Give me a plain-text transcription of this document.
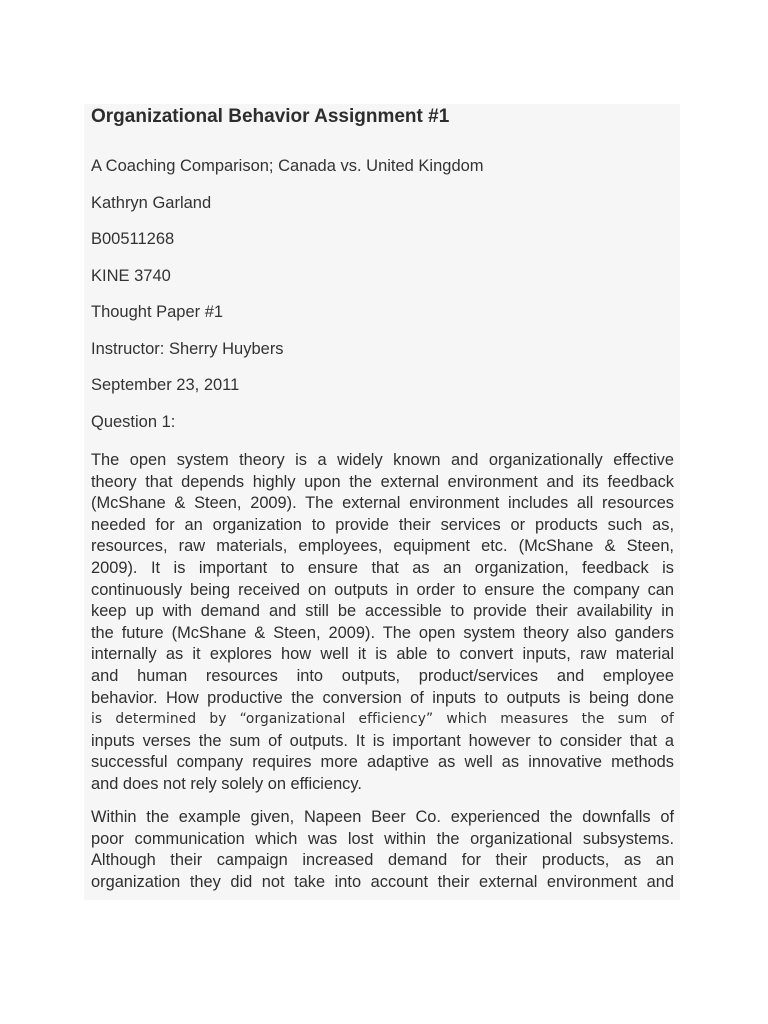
Organizational Behavior Assignment #1
A Coaching Comparison; Canada vs. United Kingdom
Kathryn Garland
B00511268
KINE 3740
Thought Paper #1
Instructor: Sherry Huybers
September 23, 2011
Question 1:
The open system theory is a widely known and organizationally effective
theory that depends highly upon the external environment and its feedback
(McShane & Steen, 2009). The external environment includes all resources
needed for an organization to provide their services or products such as,
resources, raw materials, employees, equipment etc. (McShane & Steen,
2009). It is important to ensure that as an organization, feedback is
continuously being received on outputs in order to ensure the company can
keep up with demand and still be accessible to provide their availability in
the future (McShane & Steen, 2009). The open system theory also ganders
internally as it explores how well it is able to convert inputs, raw material
and human resources into outputs, product/services and employee
behavior. How productive the conversion of inputs to outputs is being done
is determined by “organizational efficiency” which measures the sum of
inputs verses the sum of outputs. It is important however to consider that a
successful company requires more adaptive as well as innovative methods
and does not rely solely on efficiency.
Within the example given, Napeen Beer Co. experienced the downfalls of
poor communication which was lost within the organizational subsystems.
Although their campaign increased demand for their products, as an
organization they did not take into account their external environment and
